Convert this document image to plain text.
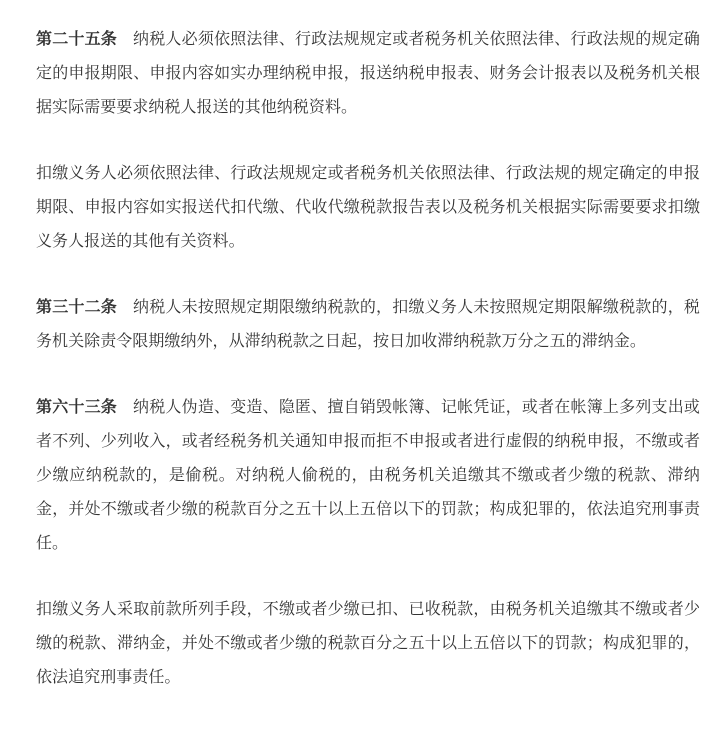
第二十五条 纳税人必须依照法律、行政法规规定或者税务机关依照法律、行政法规的规定确定的申报期限、申报内容如实办理纳税申报，报送纳税申报表、财务会计报表以及税务机关根据实际需要要求纳税人报送的其他纳税资料。

扣缴义务人必须依照法律、行政法规规定或者税务机关依照法律、行政法规的规定确定的申报期限、申报内容如实报送代扣代缴、代收代缴税款报告表以及税务机关根据实际需要要求扣缴义务人报送的其他有关资料。

第三十二条 纳税人未按照规定期限缴纳税款的，扣缴义务人未按照规定期限解缴税款的，税务机关除责令限期缴纳外，从滞纳税款之日起，按日加收滞纳税款万分之五的滞纳金。

第六十三条 纳税人伪造、变造、隐匿、擅自销毁帐簿、记帐凭证，或者在帐簿上多列支出或者不列、少列收入，或者经税务机关通知申报而拒不申报或者进行虚假的纳税申报，不缴或者少缴应纳税款的，是偷税。对纳税人偷税的，由税务机关追缴其不缴或者少缴的税款、滞纳金，并处不缴或者少缴的税款百分之五十以上五倍以下的罚款；构成犯罪的，依法追究刑事责任。

扣缴义务人采取前款所列手段，不缴或者少缴已扣、已收税款，由税务机关追缴其不缴或者少缴的税款、滞纳金，并处不缴或者少缴的税款百分之五十以上五倍以下的罚款；构成犯罪的，依法追究刑事责任。
